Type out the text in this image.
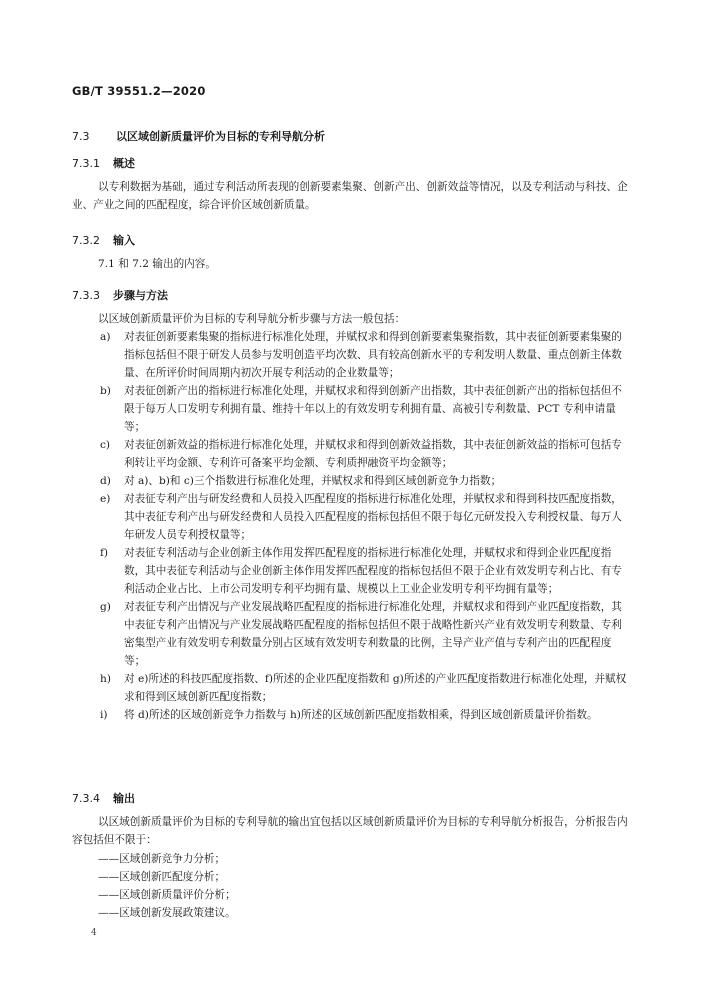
GB/T 39551.2—2020
7.3 以区域创新质量评价为目标的专利导航分析
7.3.1 概述
以专利数据为基础，通过专利活动所表现的创新要素集聚、创新产出、创新效益等情况，以及专利活动与科技、企业、产业之间的匹配程度，综合评价区域创新质量。
7.3.2 输入
7.1 和 7.2 输出的内容。
7.3.3 步骤与方法
以区域创新质量评价为目标的专利导航分析步骤与方法一般包括：
a) 对表征创新要素集聚的指标进行标准化处理，并赋权求和得到创新要素集聚指数，其中表征创新要素集聚的指标包括但不限于研发人员参与发明创造平均次数、具有较高创新水平的专利发明人数量、重点创新主体数量、在所评价时间周期内初次开展专利活动的企业数量等；
b) 对表征创新产出的指标进行标准化处理，并赋权求和得到创新产出指数，其中表征创新产出的指标包括但不限于每万人口发明专利拥有量、维持十年以上的有效发明专利拥有量、高被引专利数量、PCT 专利申请量等；
c) 对表征创新效益的指标进行标准化处理，并赋权求和得到创新效益指数，其中表征创新效益的指标可包括专利转让平均金额、专利许可备案平均金额、专利质押融资平均金额等；
d) 对 a)、b)和 c)三个指数进行标准化处理，并赋权求和得到区域创新竞争力指数；
e) 对表征专利产出与研发经费和人员投入匹配程度的指标进行标准化处理，并赋权求和得到科技匹配度指数，其中表征专利产出与研发经费和人员投入匹配程度的指标包括但不限于每亿元研发投入专利授权量、每万人年研发人员专利授权量等；
f) 对表征专利活动与企业创新主体作用发挥匹配程度的指标进行标准化处理，并赋权求和得到企业匹配度指数，其中表征专利活动与企业创新主体作用发挥匹配程度的指标包括但不限于企业有效发明专利占比、有专利活动企业占比、上市公司发明专利平均拥有量、规模以上工业企业发明专利平均拥有量等；
g) 对表征专利产出情况与产业发展战略匹配程度的指标进行标准化处理，并赋权求和得到产业匹配度指数，其中表征专利产出情况与产业发展战略匹配程度的指标包括但不限于战略性新兴产业有效发明专利数量、专利密集型产业有效发明专利数量分别占区域有效发明专利数量的比例，主导产业产值与专利产出的匹配程度等；
h) 对 e)所述的科技匹配度指数、f)所述的企业匹配度指数和 g)所述的产业匹配度指数进行标准化处理，并赋权求和得到区域创新匹配度指数；
i) 将 d)所述的区域创新竞争力指数与 h)所述的区域创新匹配度指数相乘，得到区域创新质量评价指数。
7.3.4 输出
以区域创新质量评价为目标的专利导航的输出宜包括以区域创新质量评价为目标的专利导航分析报告，分析报告内容包括但不限于：
——区域创新竞争力分析；
——区域创新匹配度分析；
——区域创新质量评价分析；
——区域创新发展政策建议。
4
